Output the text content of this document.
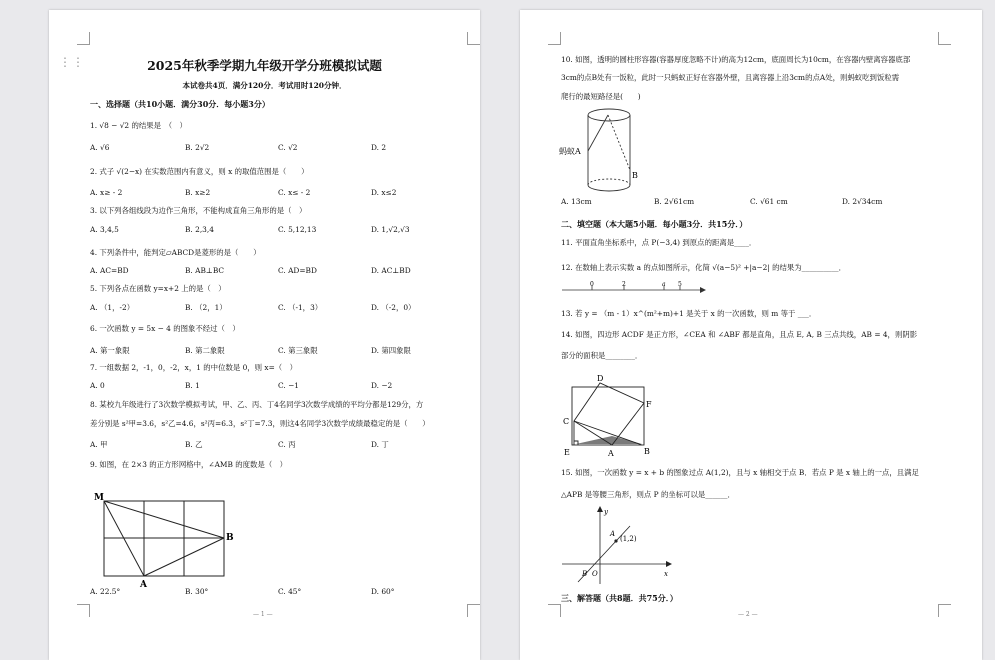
⋮⋮	2025年秋季学期九年级开学分班模拟试题
本试卷共4页．满分120分．考试用时120分钟．
一、选择题（共10小题．满分30分．每小题3分）
1. √8 − √2 的结果是　（　）
A. √6	B. 2√2	C. √2	D. 2
2. 式子 √(2−x) 在实数范围内有意义，则 x 的取值范围是（　　）
A. x≥ - 2	B. x≥2	C. x≤ - 2	D. x≤2
3. 以下列各组线段为边作三角形，不能构成直角三角形的是（　）
A. 3,4,5	B. 2,3,4	C. 5,12,13	D. 1,√2,√3
4. 下列条件中，能判定▱ABCD是菱形的是（　　）
A. AC=BD	B. AB⊥BC	C. AD=BD	D. AC⊥BD
5. 下列各点在函数 y=x+2 上的是（　）
A. （1，-2）	B. （2，1）	C. （-1，3）	D. （-2，0）
6. 一次函数 y = 5x − 4 的图象不经过（　）
A. 第一象限	B. 第二象限	C. 第三象限	D. 第四象限
7. 一组数据 2，-1，0，-2，x，1 的中位数是 0，则 x=（　）
A. 0	B. 1	C. −1	D. −2
8. 某校九年级进行了3次数学模拟考试，甲、乙、丙、丁4名同学3次数学成绩的平均分都是129分，方
差分别是 s²甲=3.6，s²乙=4.6，s²丙=6.3，s²丁=7.3，则这4名同学3次数学成绩最稳定的是（　　）
A. 甲	B. 乙	C. 丙	D. 丁
9. 如图，在 2×3 的正方形网格中，∠AMB 的度数是（　）
M
A
B
A. 22.5°	B. 30°	C. 45°	D. 60°
— 1 —
10. 如图，透明的圆柱形容器(容器厚度忽略不计)的高为12cm，底面周长为10cm，在容器内壁离容器底部
3cm的点B处有一饭粒，此时一只蚂蚁正好在容器外壁，且离容器上沿3cm的点A处，则蚂蚁吃到饭粒需
爬行的最短路径是(　　)
蚂蚁A
B
A. 13cm	B. 2√61cm	C. √61 cm	D. 2√34cm
二、填空题（本大题5小题．每小题3分．共15分．）
11. 平面直角坐标系中，点 P(−3,4) 到原点的距离是____．
12. 在数轴上表示实数 a 的点如图所示，化简 √(a−5)² +|a−2| 的结果为__________．
0	2	a 5
13. 若 y = （m - 1）x^(m²+m)+1 是关于 x 的一次函数，则 m 等于 ___．
14. 如图，四边形 ACDF 是正方形，∠CEA 和 ∠ABF 都是直角，且点 E, A, B 三点共线，AB = 4，则阴影
部分的面积是________．
D
C
F
E	A	B
15. 如图，一次函数 y = x + b 的图象过点 A(1,2)，且与 x 轴相交于点 B．若点 P 是 x 轴上的一点，且满足
△APB 是等腰三角形，则点 P 的坐标可以是______．
y
x
A
(1,2)
B O
三、解答题（共8题．共75分．）
— 2 —
